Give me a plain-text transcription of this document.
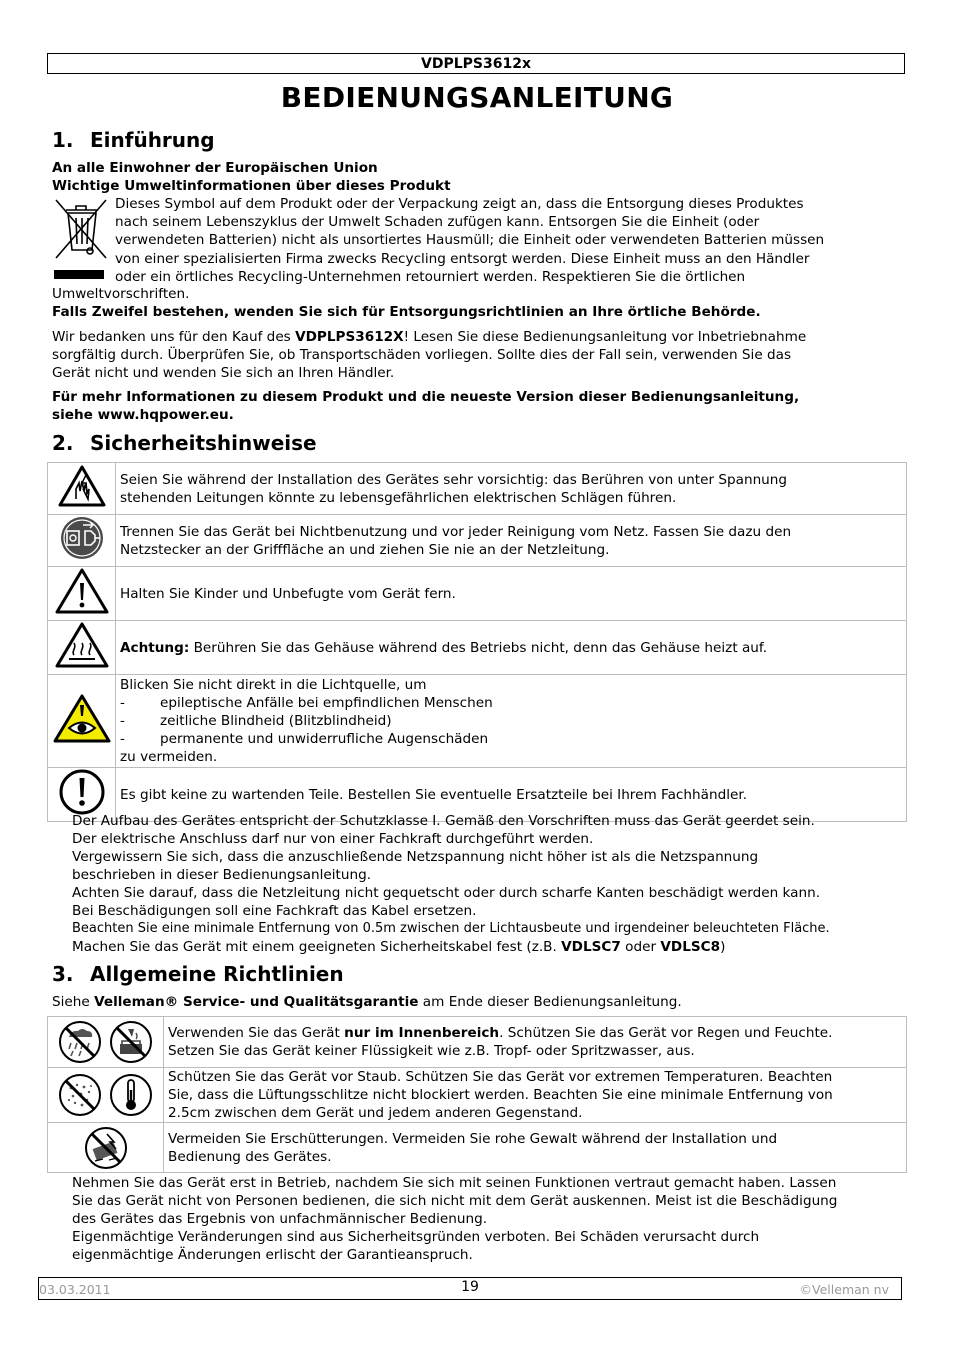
VDPLPS3612x
BEDIENUNGSANLEITUNG
1. Einführung
An alle Einwohner der Europäischen Union
Wichtige Umweltinformationen über dieses Produkt
Dieses Symbol auf dem Produkt oder der Verpackung zeigt an, dass die Entsorgung dieses Produktes
nach seinem Lebenszyklus der Umwelt Schaden zufügen kann. Entsorgen Sie die Einheit (oder
verwendeten Batterien) nicht als unsortiertes Hausmüll; die Einheit oder verwendeten Batterien müssen
von einer spezialisierten Firma zwecks Recycling entsorgt werden. Diese Einheit muss an den Händler
oder ein örtliches Recycling-Unternehmen retourniert werden. Respektieren Sie die örtlichen
Umweltvorschriften.
Falls Zweifel bestehen, wenden Sie sich für Entsorgungsrichtlinien an Ihre örtliche Behörde.
Wir bedanken uns für den Kauf des VDPLPS3612X! Lesen Sie diese Bedienungsanleitung vor Inbetriebnahme
sorgfältig durch. Überprüfen Sie, ob Transportschäden vorliegen. Sollte dies der Fall sein, verwenden Sie das
Gerät nicht und wenden Sie sich an Ihren Händler.
Für mehr Informationen zu diesem Produkt und die neueste Version dieser Bedienungsanleitung,
siehe www.hqpower.eu.
2. Sicherheitshinweise

Seien Sie während der Installation des Gerätes sehr vorsichtig: das Berühren von unter Spannung
stehenden Leitungen könnte zu lebensgefährlichen elektrischen Schlägen führen.

Trennen Sie das Gerät bei Nichtbenutzung und vor jeder Reinigung vom Netz. Fassen Sie dazu den
Netzstecker an der Grifffläche an und ziehen Sie nie an der Netzleitung.

	Halten Sie Kinder und Unbefugte vom Gerät fern.
	Achtung: Berühren Sie das Gehäuse während des Betriebs nicht, denn das Gehäuse heizt auf.

Blicken Sie nicht direkt in die Lichtquelle, um
- epileptische Anfälle bei empfindlichen Menschen
- zeitliche Blindheid (Blitzblindheid)
- permanente und unwiderrufliche Augenschäden
zu vermeiden.

	Es gibt keine zu wartenden Teile. Bestellen Sie eventuelle Ersatzteile bei Ihrem Fachhändler.
Der Aufbau des Gerätes entspricht der Schutzklasse I. Gemäß den Vorschriften muss das Gerät geerdet sein.
Der elektrische Anschluss darf nur von einer Fachkraft durchgeführt werden.
Vergewissern Sie sich, dass die anzuschließende Netzspannung nicht höher ist als die Netzspannung
beschrieben in dieser Bedienungsanleitung.
Achten Sie darauf, dass die Netzleitung nicht gequetscht oder durch scharfe Kanten beschädigt werden kann.
Bei Beschädigungen soll eine Fachkraft das Kabel ersetzen.
Beachten Sie eine minimale Entfernung von 0.5m zwischen der Lichtausbeute und irgendeiner beleuchteten Fläche.
Machen Sie das Gerät mit einem geeigneten Sicherheitskabel fest (z.B. VDLSC7 oder VDLSC8)
3. Allgemeine Richtlinien
Siehe Velleman® Service- und Qualitätsgarantie am Ende dieser Bedienungsanleitung.

Verwenden Sie das Gerät nur im Innenbereich. Schützen Sie das Gerät vor Regen und Feuchte.
Setzen Sie das Gerät keiner Flüssigkeit wie z.B. Tropf- oder Spritzwasser, aus.

Schützen Sie das Gerät vor Staub. Schützen Sie das Gerät vor extremen Temperaturen. Beachten
Sie, dass die Lüftungsschlitze nicht blockiert werden. Beachten Sie eine minimale Entfernung von
2.5cm zwischen dem Gerät und jedem anderen Gegenstand.

Vermeiden Sie Erschütterungen. Vermeiden Sie rohe Gewalt während der Installation und
Bedienung des Gerätes.
Nehmen Sie das Gerät erst in Betrieb, nachdem Sie sich mit seinen Funktionen vertraut gemacht haben. Lassen
Sie das Gerät nicht von Personen bedienen, die sich nicht mit dem Gerät auskennen. Meist ist die Beschädigung
des Gerätes das Ergebnis von unfachmännischer Bedienung.
Eigenmächtige Veränderungen sind aus Sicherheitsgründen verboten. Bei Schäden verursacht durch
eigenmächtige Änderungen erlischt der Garantieanspruch.
03.03.2011	19	©Velleman nv
